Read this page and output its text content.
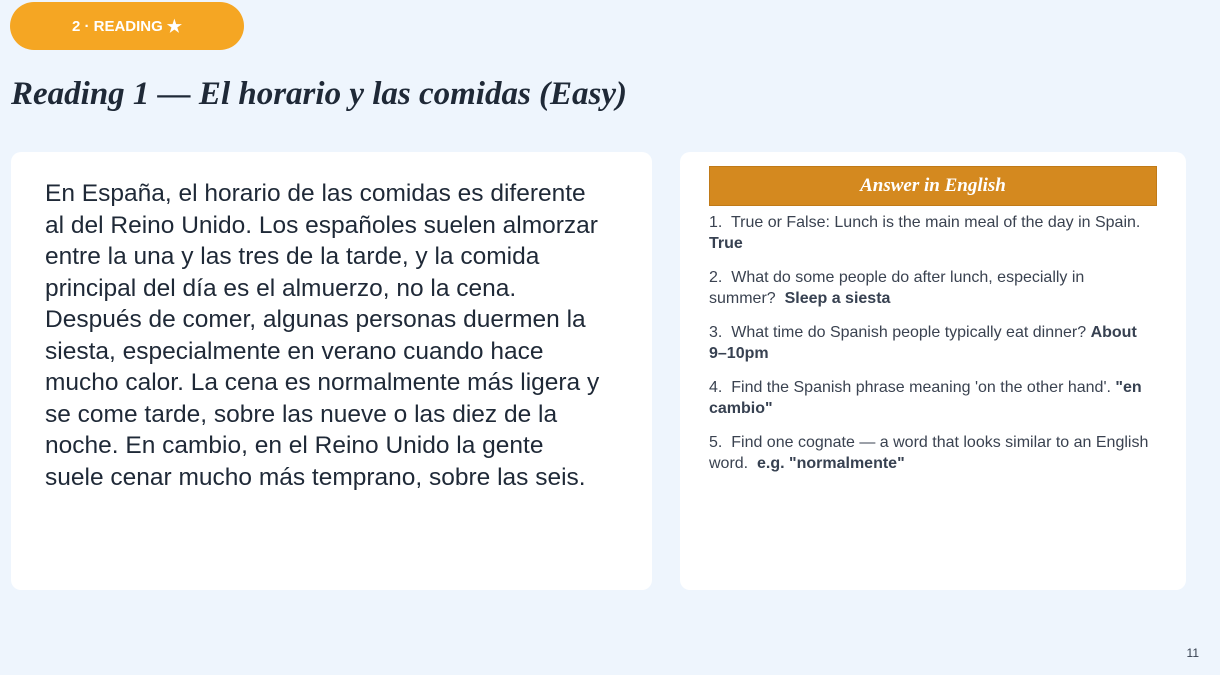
2 · READING ★
Reading 1 — El horario y las comidas (Easy)

En España, el horario de las comidas es diferente al del Reino Unido. Los españoles suelen almorzar entre la una y las tres de la tarde, y la comida principal del día es el almuerzo, no la cena. Después de comer, algunas personas duermen la siesta, especialmente en verano cuando hace mucho calor. La cena es normalmente más ligera y se come tarde, sobre las nueve o las diez de la noche. En cambio, en el Reino Unido la gente suele cenar mucho más temprano, sobre las seis.

Answer in English

1. True or False: Lunch is the main meal of the day in Spain.  True

2. What do some people do after lunch, especially in summer? Sleep a siesta

3. What time do Spanish people typically eat dinner? About 9–10pm

4. Find the Spanish phrase meaning 'on the other hand'. "en cambio"

5. Find one cognate — a word that looks similar to an English word. e.g. "normalmente"

11
